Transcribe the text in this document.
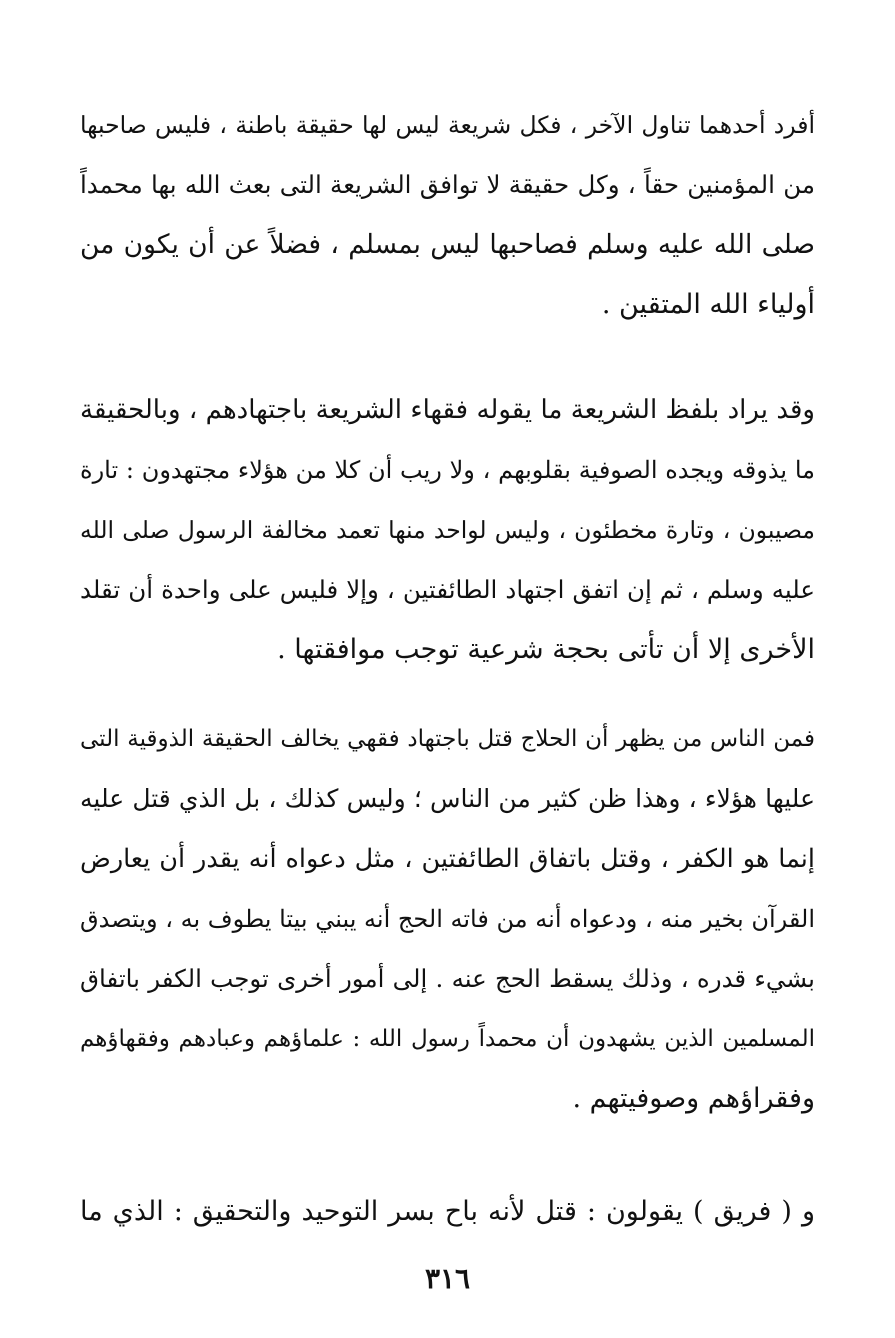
أفرد أحدهما تناول الآخر ، فكل شريعة ليس لها حقيقة باطنة ، فليس صاحبها
من المؤمنين حقاً ، وكل حقيقة لا توافق الشريعة التى بعث الله بها محمداً
صلى الله عليه وسلم فصاحبها ليس بمسلم ، فضلاً عن أن يكون من
أولياء الله المتقين .
وقد يراد بلفظ الشريعة ما يقوله فقهاء الشريعة باجتهادهم ، وبالحقيقة
ما يذوقه ويجده الصوفية بقلوبهم ، ولا ريب أن كلا من هؤلاء مجتهدون : تارة
مصيبون ، وتارة مخطئون ، وليس لواحد منها تعمد مخالفة الرسول صلى الله
عليه وسلم ، ثم إن اتفق اجتهاد الطائفتين ، وإلا فليس على واحدة أن تقلد
الأخرى إلا أن تأتى بحجة شرعية توجب موافقتها .
فمن الناس من يظهر أن الحلاج قتل باجتهاد فقهي يخالف الحقيقة الذوقية التى
عليها هؤلاء ، وهذا ظن كثير من الناس ؛ وليس كذلك ، بل الذي قتل عليه
إنما هو الكفر ، وقتل باتفاق الطائفتين ، مثل دعواه أنه يقدر أن يعارض
القرآن بخير منه ، ودعواه أنه من فاته الحج أنه يبني بيتا يطوف به ، ويتصدق
بشيء قدره ، وذلك يسقط الحج عنه . إلى أمور أخرى توجب الكفر باتفاق
المسلمين الذين يشهدون أن محمداً رسول الله : علماؤهم وعبادهم وفقهاؤهم
وفقراؤهم وصوفيتهم .
و ( فريق ) يقولون : قتل لأنه باح بسر التوحيد والتحقيق : الذي ما
٣١٦
